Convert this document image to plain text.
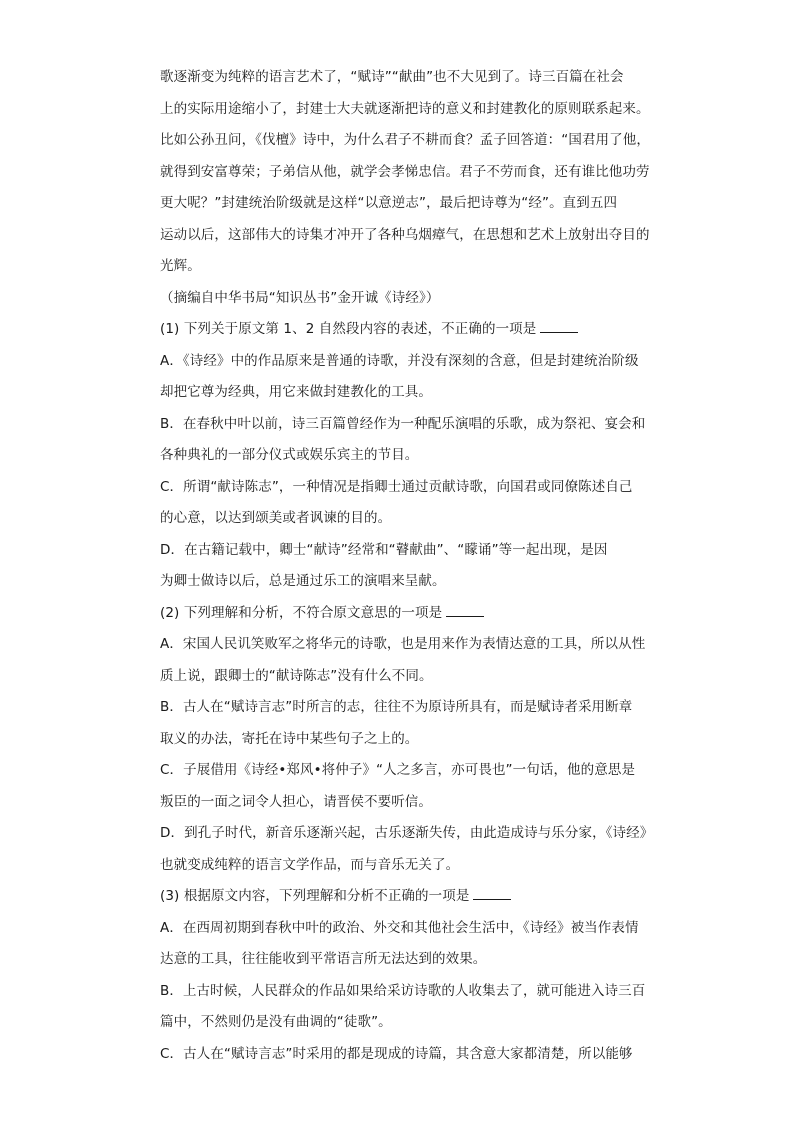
歌逐渐变为纯粹的语言艺术了，“赋诗”“献曲”也不大见到了。诗三百篇在社会
上的实际用途缩小了，封建士大夫就逐渐把诗的意义和封建教化的原则联系起来。
比如公孙丑问，《伐檀》诗中，为什么君子不耕而食？孟子回答道：“国君用了他，
就得到安富尊荣；子弟信从他，就学会孝悌忠信。君子不劳而食，还有谁比他功劳
更大呢？”封建统治阶级就是这样“以意逆志”，最后把诗尊为“经”。直到五四
运动以后，这部伟大的诗集才冲开了各种乌烟瘴气，在思想和艺术上放射出夺目的
光辉。
（摘编自中华书局“知识丛书”金开诚《诗经》）
(1) 下列关于原文第 1、2 自然段内容的表述，不正确的一项是
A．《诗经》中的作品原来是普通的诗歌，并没有深刻的含意，但是封建统治阶级
却把它尊为经典，用它来做封建教化的工具。
B．在春秋中叶以前，诗三百篇曾经作为一种配乐演唱的乐歌，成为祭祀、宴会和
各种典礼的一部分仪式或娱乐宾主的节目。
C．所谓“献诗陈志”，一种情况是指卿士通过贡献诗歌，向国君或同僚陈述自己
的心意，以达到颂美或者讽谏的目的。
D．在古籍记载中，卿士“献诗”经常和“瞽献曲”、“矇诵”等一起出现，是因
为卿士做诗以后，总是通过乐工的演唱来呈献。
(2) 下列理解和分析，不符合原文意思的一项是
A．宋国人民讥笑败军之将华元的诗歌，也是用来作为表情达意的工具，所以从性
质上说，跟卿士的“献诗陈志”没有什么不同。
B．古人在“赋诗言志”时所言的志，往往不为原诗所具有，而是赋诗者采用断章
取义的办法，寄托在诗中某些句子之上的。
C．子展借用《诗经•郑风•将仲子》“人之多言，亦可畏也”一句话，他的意思是
叛臣的一面之词令人担心，请晋侯不要听信。
D．到孔子时代，新音乐逐渐兴起，古乐逐渐失传，由此造成诗与乐分家，《诗经》
也就变成纯粹的语言文学作品，而与音乐无关了。
(3) 根据原文内容，下列理解和分析不正确的一项是
A．在西周初期到春秋中叶的政治、外交和其他社会生活中，《诗经》被当作表情
达意的工具，往往能收到平常语言所无法达到的效果。
B．上古时候，人民群众的作品如果给采访诗歌的人收集去了，就可能进入诗三百
篇中，不然则仍是没有曲调的“徒歌”。
C．古人在“赋诗言志”时采用的都是现成的诗篇，其含意大家都清楚，所以能够
